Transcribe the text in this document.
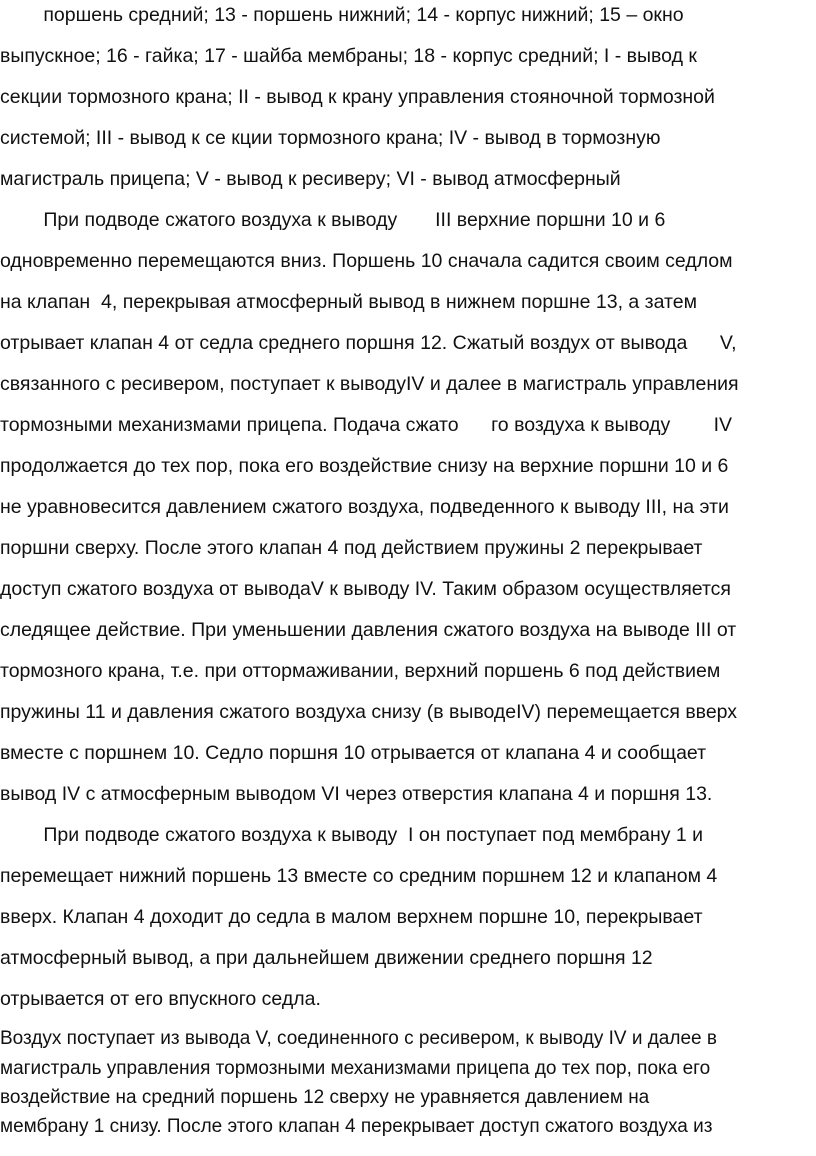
поршень средний; 13 - поршень нижний; 14 - корпус нижний; 15 – окно
выпускное; 16 - гайка; 17 - шайба мембраны; 18 - корпус средний; I - вывод к
секции тормозного крана; II - вывод к крану управления стояночной тормозной
системой; III - вывод к се кции тормозного крана; IV - вывод в тормозную
магистраль прицепа; V - вывод к ресиверу; VI - вывод атмосферный
При подводе сжатого воздуха к выводу       III верхние поршни 10 и 6
одновременно перемещаются вниз. Поршень 10 сначала садится своим седлом
на клапан  4, перекрывая атмосферный вывод в нижнем поршне 13, а затем
отрывает клапан 4 от седла среднего поршня 12. Сжатый воздух от вывода      V,
связанного с ресивером, поступает к выводуIV и далее в магистраль управления
тормозными механизмами прицепа. Подача сжато      го воздуха к выводу        IV
продолжается до тех пор, пока его воздействие снизу на верхние поршни 10 и 6
не уравновесится давлением сжатого воздуха, подведенного к выводу III, на эти
поршни сверху. После этого клапан 4 под действием пружины 2 перекрывает
доступ сжатого воздуха от выводаV к выводу IV. Таким образом осуществляется
следящее действие. При уменьшении давления сжатого воздуха на выводе III от
тормозного крана, т.е. при оттормаживании, верхний поршень 6 под действием
пружины 11 и давления сжатого воздуха снизу (в выводеIV) перемещается вверх
вместе с поршнем 10. Седло поршня 10 отрывается от клапана 4 и сообщает
вывод IV с атмосферным выводом VI через отверстия клапана 4 и поршня 13.
При подводе сжатого воздуха к выводу  I он поступает под мембрану 1 и
перемещает нижний поршень 13 вместе со средним поршнем 12 и клапаном 4
вверх. Клапан 4 доходит до седла в малом верхнем поршне 10, перекрывает
атмосферный вывод, а при дальнейшем движении среднего поршня 12
отрывается от его впускного седла.
Воздух поступает из вывода V, соединенного с ресивером, к выводу IV и далее в
магистраль управления тормозными механизмами прицепа до тех пор, пока его
воздействие на средний поршень 12 сверху не уравняется давлением на
мембрану 1 снизу. После этого клапан 4 перекрывает доступ сжатого воздуха из
